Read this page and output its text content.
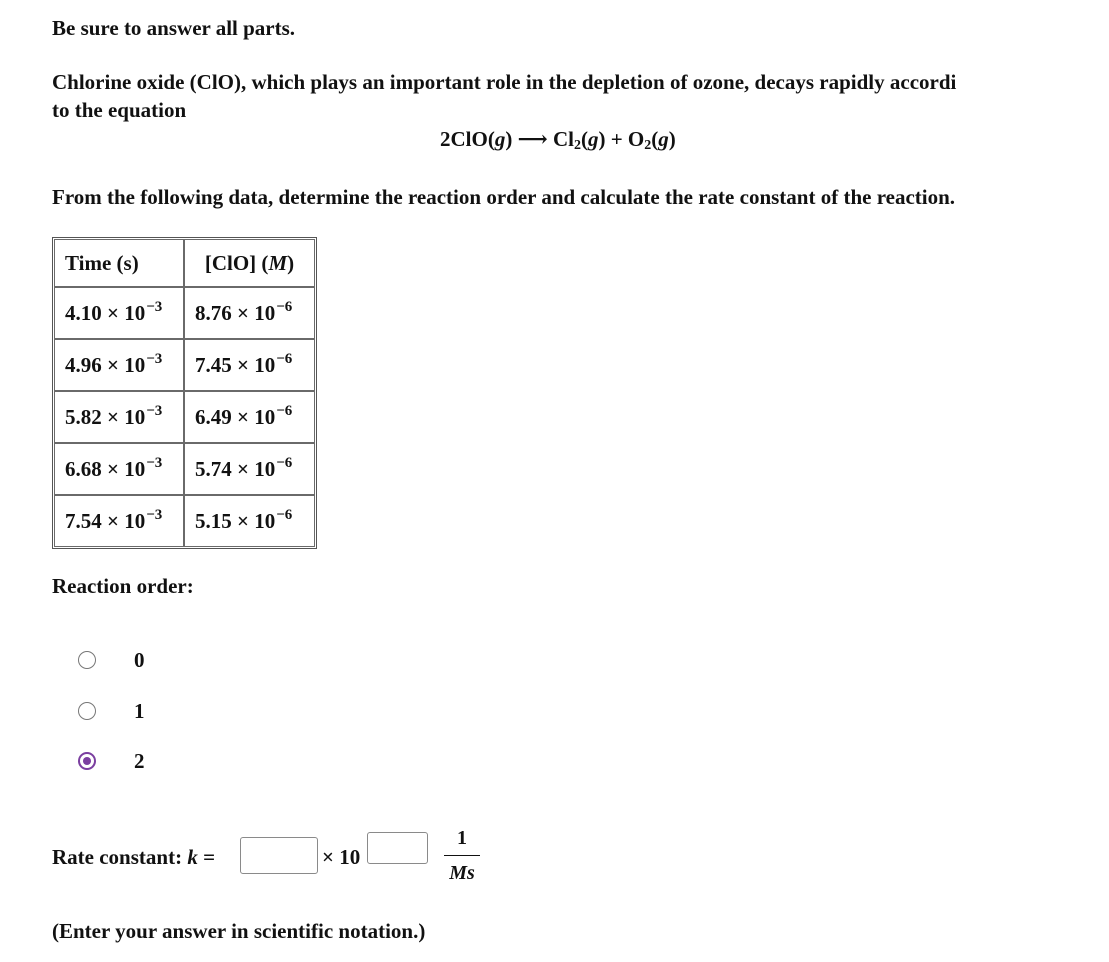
Be sure to answer all parts.
Chlorine oxide (ClO), which plays an important role in the depletion of ozone, decays rapidly accordi
to the equation
2ClO(g) ⟶ $Cl_2(g) + O_2(g)$
From the following data, determine the reaction order and calculate the rate constant of the reaction.
Time (s)	[ClO] (M)
$4.10 \times 10^{-3}$	$8.76 \times 10^{-6}$
$4.96 \times 10^{-3}$	$7.45 \times 10^{-6}$
$5.82 \times 10^{-3}$	$6.49 \times 10^{-6}$
$6.68 \times 10^{-3}$	$5.74 \times 10^{-6}$
$7.54 \times 10^{-3}$	$5.15 \times 10^{-6}$
Reaction order:
0
1
2
Rate constant: k =	× 10
1
Ms
(Enter your answer in scientific notation.)
